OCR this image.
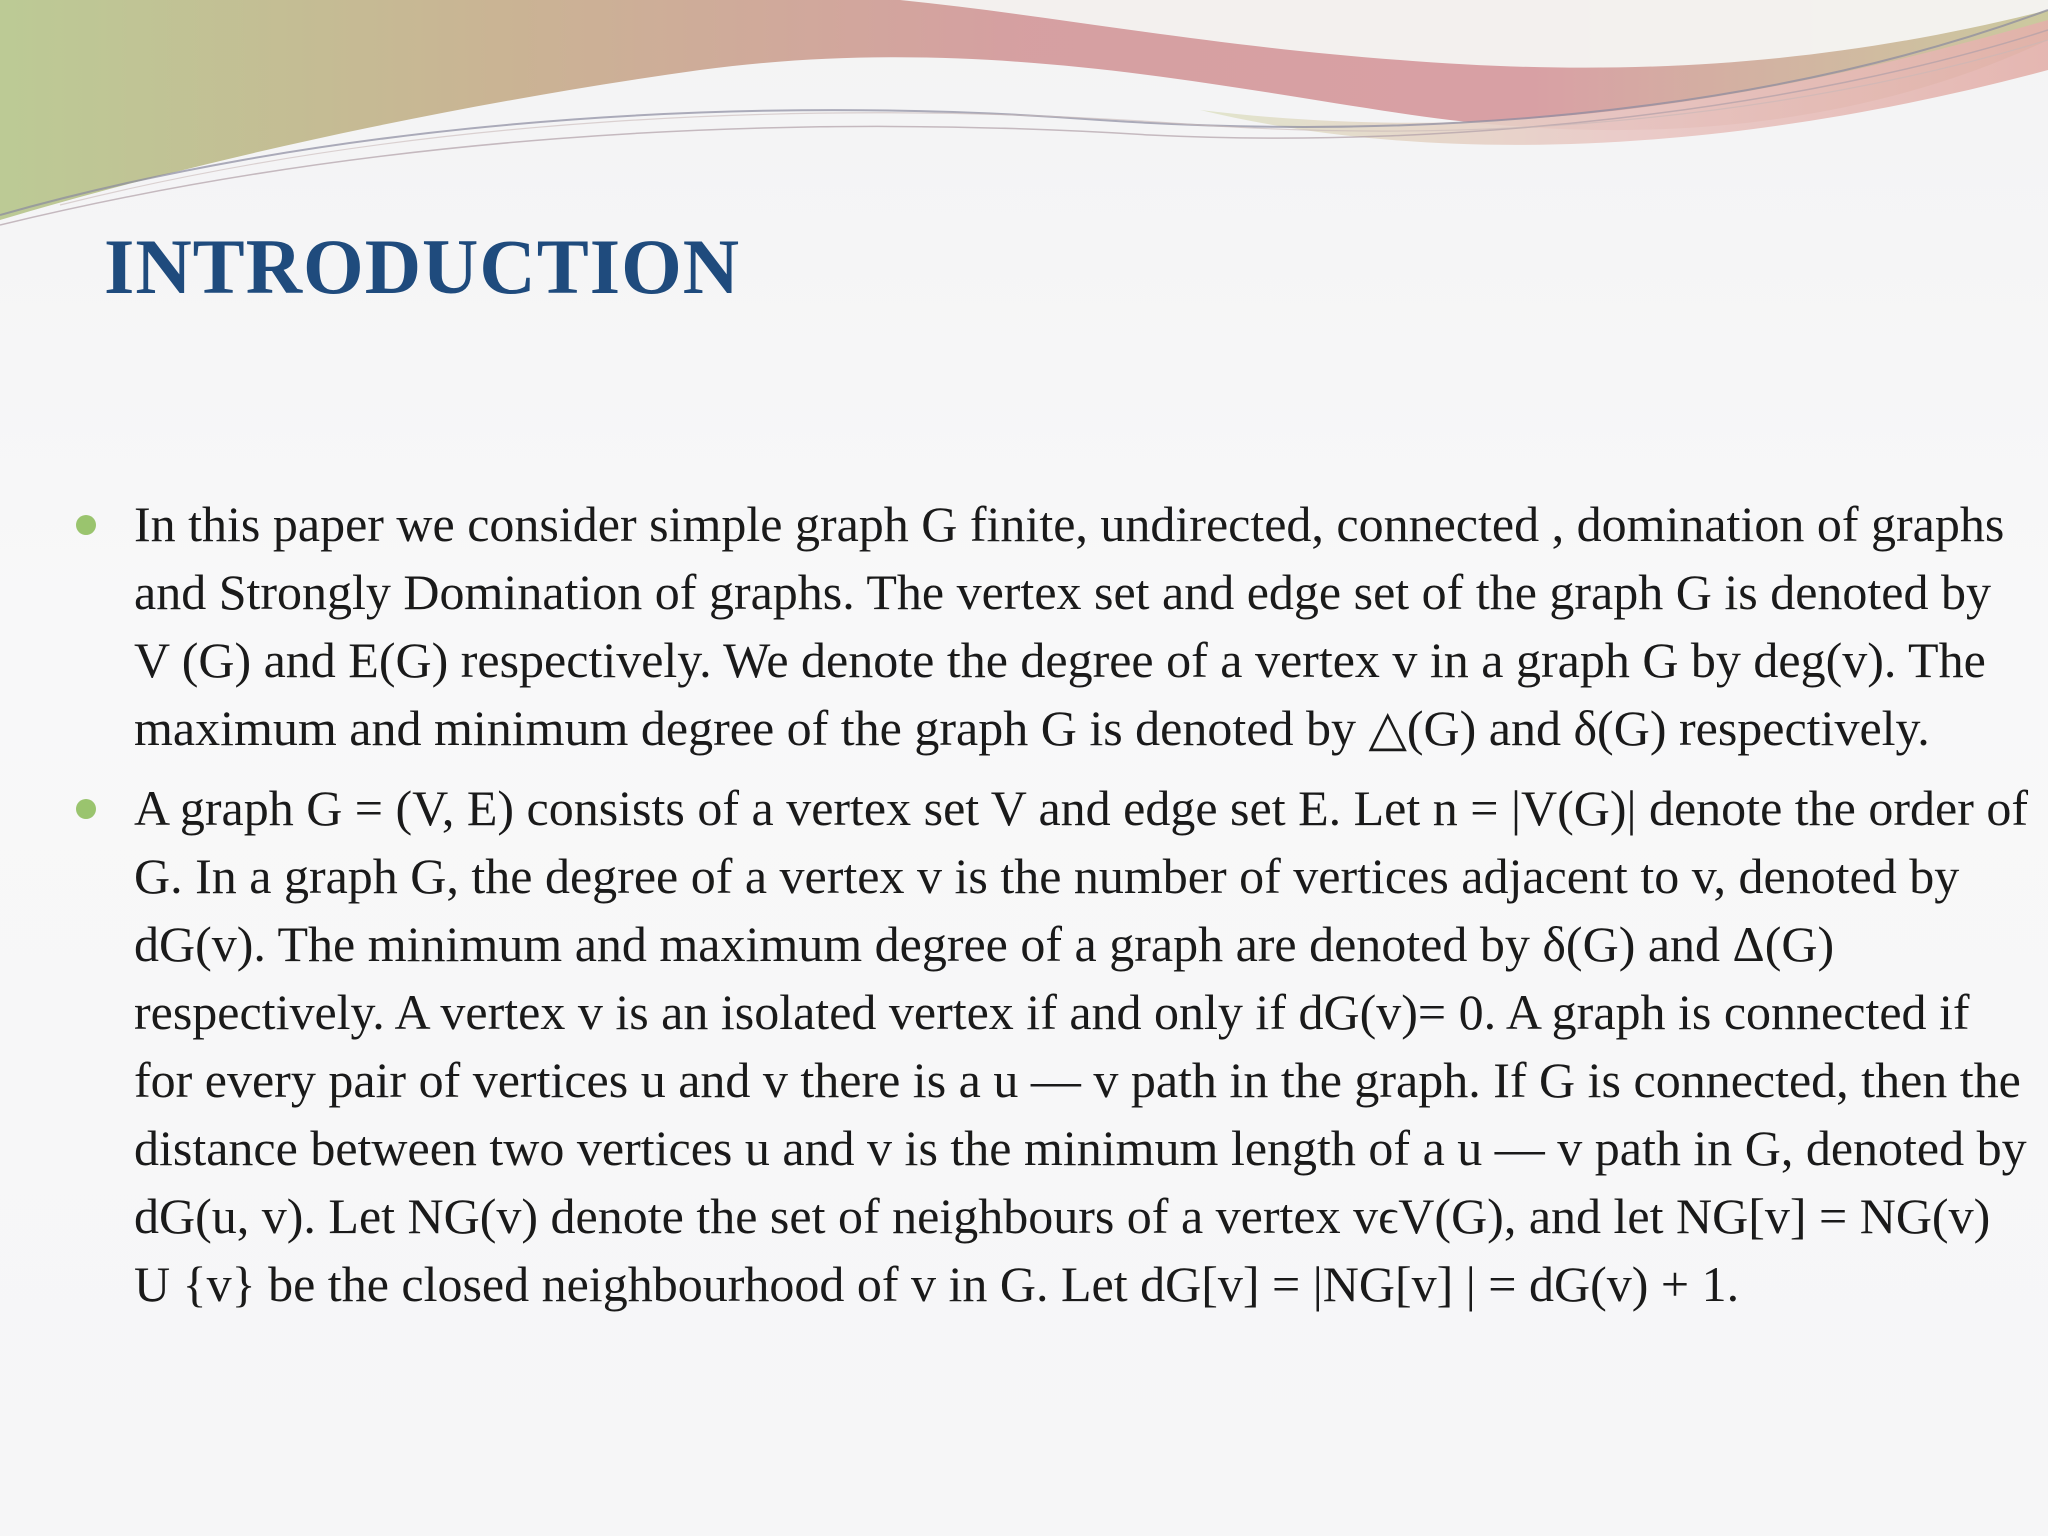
INTRODUCTION
In this paper we consider simple graph G finite, undirected, connected , domination of graphs and Strongly Domination of graphs. The vertex set and edge set of the graph G is denoted by V (G) and E(G) respectively. We denote the degree of a vertex v in a graph G by deg(v). The maximum and minimum degree of the graph G is denoted by △(G) and δ(G) respectively.
A graph G = (V, E) consists of a vertex set V and edge set E. Let n = |V(G)| denote the order of G. In a graph G, the degree of a vertex v is the number of vertices adjacent to v, denoted by dG(v). The minimum and maximum degree of a graph are denoted by δ(G) and Δ(G) respectively. A vertex v is an isolated vertex if and only if dG(v)= 0. A graph is connected if for every pair of vertices u and v there is a u — v path in the graph. If G is connected, then the distance between two vertices u and v is the minimum length of a u — v path in G, denoted by dG(u, v). Let NG(v) denote the set of neighbours of a vertex vϵV(G), and let NG[v] = NG(v) U {v} be the closed neighbourhood of v in G. Let dG[v] = |NG[v] | = dG(v) + 1.
